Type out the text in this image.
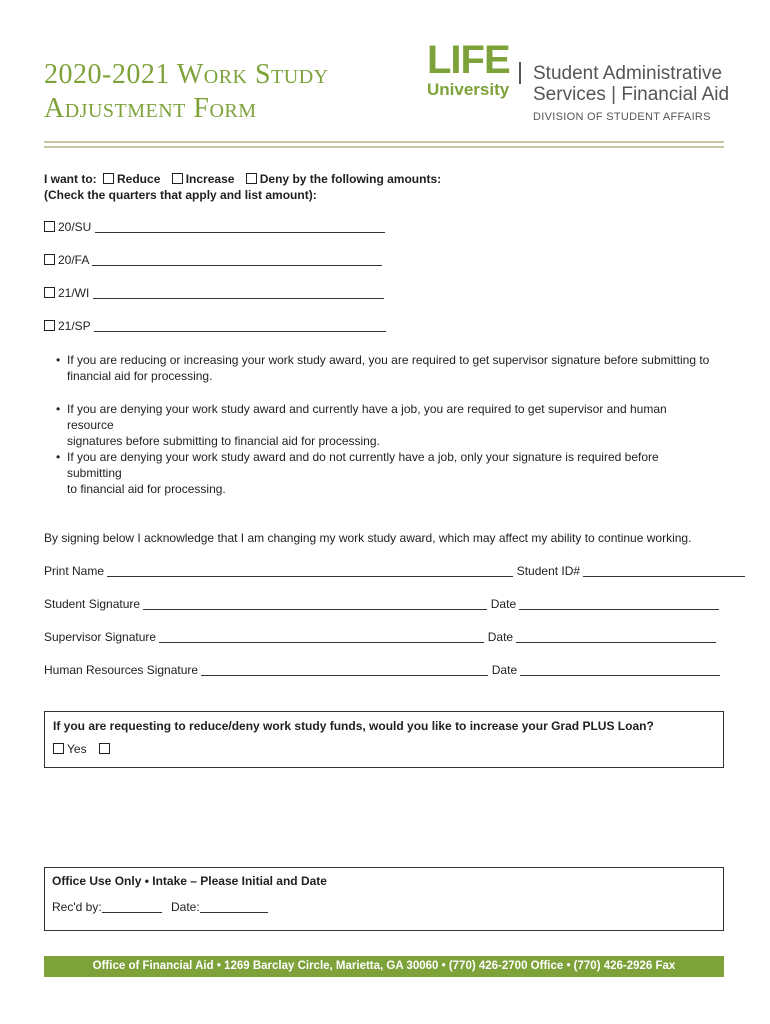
2020-2021 Work Study
Adjustment Form
LIFE
University
Student Administrative
Services | Financial Aid
DIVISION OF STUDENT AFFAIRS
I want to: Reduce Increase Deny by the following amounts:
(Check the quarters that apply and list amount):
20/SU
20/FA
21/WI
21/SP
• If you are reducing or increasing your work study award, you are required to get supervisor signature before submitting to
financial aid for processing.
• If you are denying your work study award and currently have a job, you are required to get supervisor and human resource
signatures before submitting to financial aid for processing.
• If you are denying your work study award and do not currently have a job, only your signature is required before submitting
to financial aid for processing.
By signing below I acknowledge that I am changing my work study award, which may affect my ability to continue working.
Print Name	Student ID#
Student Signature	Date
Supervisor Signature	Date
Human Resources Signature	Date
If you are requesting to reduce/deny work study funds, would you like to increase your Grad PLUS Loan?
Yes
Office Use Only • Intake – Please Initial and Date
Rec'd by:	Date:
Office of Financial Aid • 1269 Barclay Circle, Marietta, GA 30060 • (770) 426-2700 Office • (770) 426-2926 Fax
